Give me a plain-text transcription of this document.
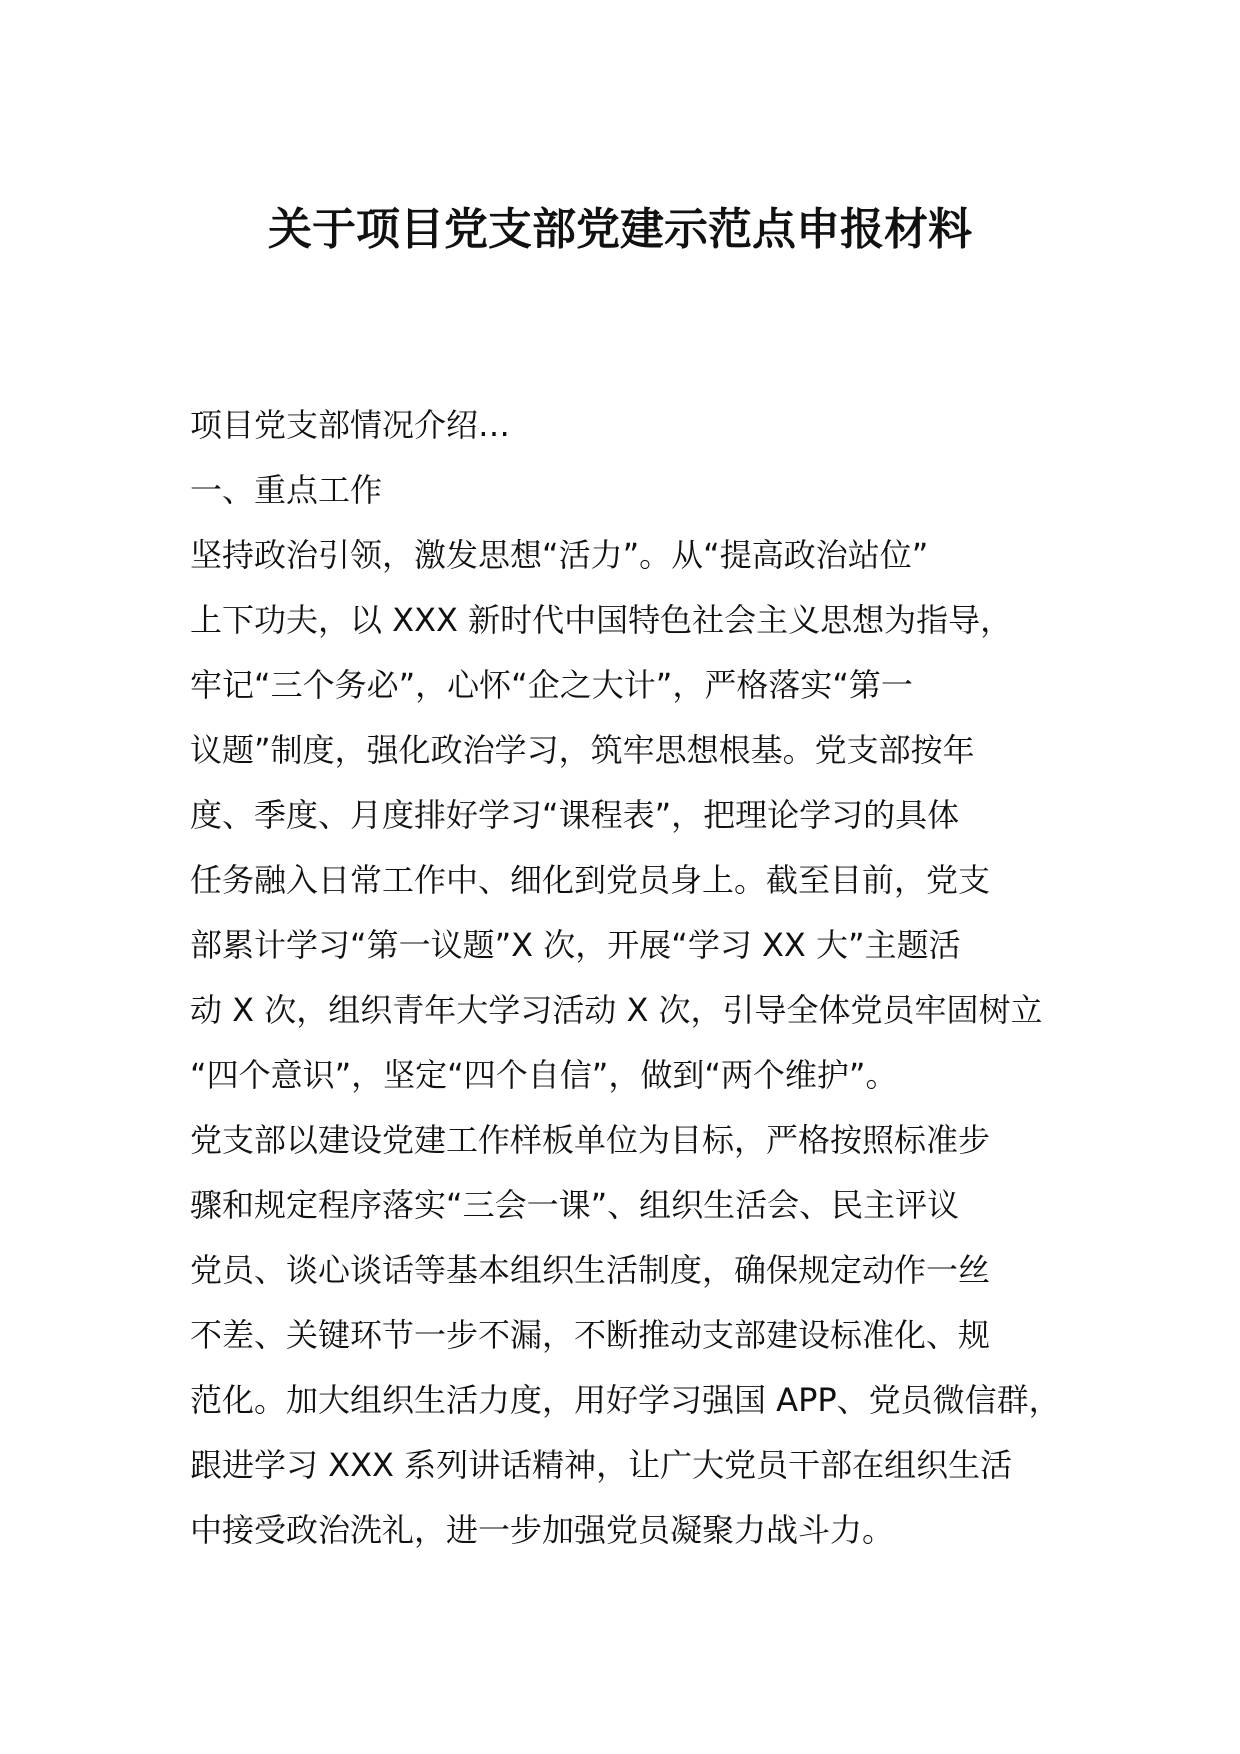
关于项目党支部党建示范点申报材料
项目党支部情况介绍…
一、重点工作
坚持政治引领，激发思想“活力”。从“提高政治站位”
上下功夫，以 XXX 新时代中国特色社会主义思想为指导，
牢记“三个务必”，心怀“企之大计”，严格落实“第一
议题”制度，强化政治学习，筑牢思想根基。党支部按年
度、季度、月度排好学习“课程表”，把理论学习的具体
任务融入日常工作中、细化到党员身上。截至目前，党支
部累计学习“第一议题”X 次，开展“学习 XX 大”主题活
动 X 次，组织青年大学习活动 X 次，引导全体党员牢固树立
“四个意识”，坚定“四个自信”，做到“两个维护”。
党支部以建设党建工作样板单位为目标，严格按照标准步
骤和规定程序落实“三会一课”、组织生活会、民主评议
党员、谈心谈话等基本组织生活制度，确保规定动作一丝
不差、关键环节一步不漏，不断推动支部建设标准化、规
范化。加大组织生活力度，用好学习强国 APP、党员微信群，
跟进学习 XXX 系列讲话精神，让广大党员干部在组织生活
中接受政治洗礼，进一步加强党员凝聚力战斗力。
